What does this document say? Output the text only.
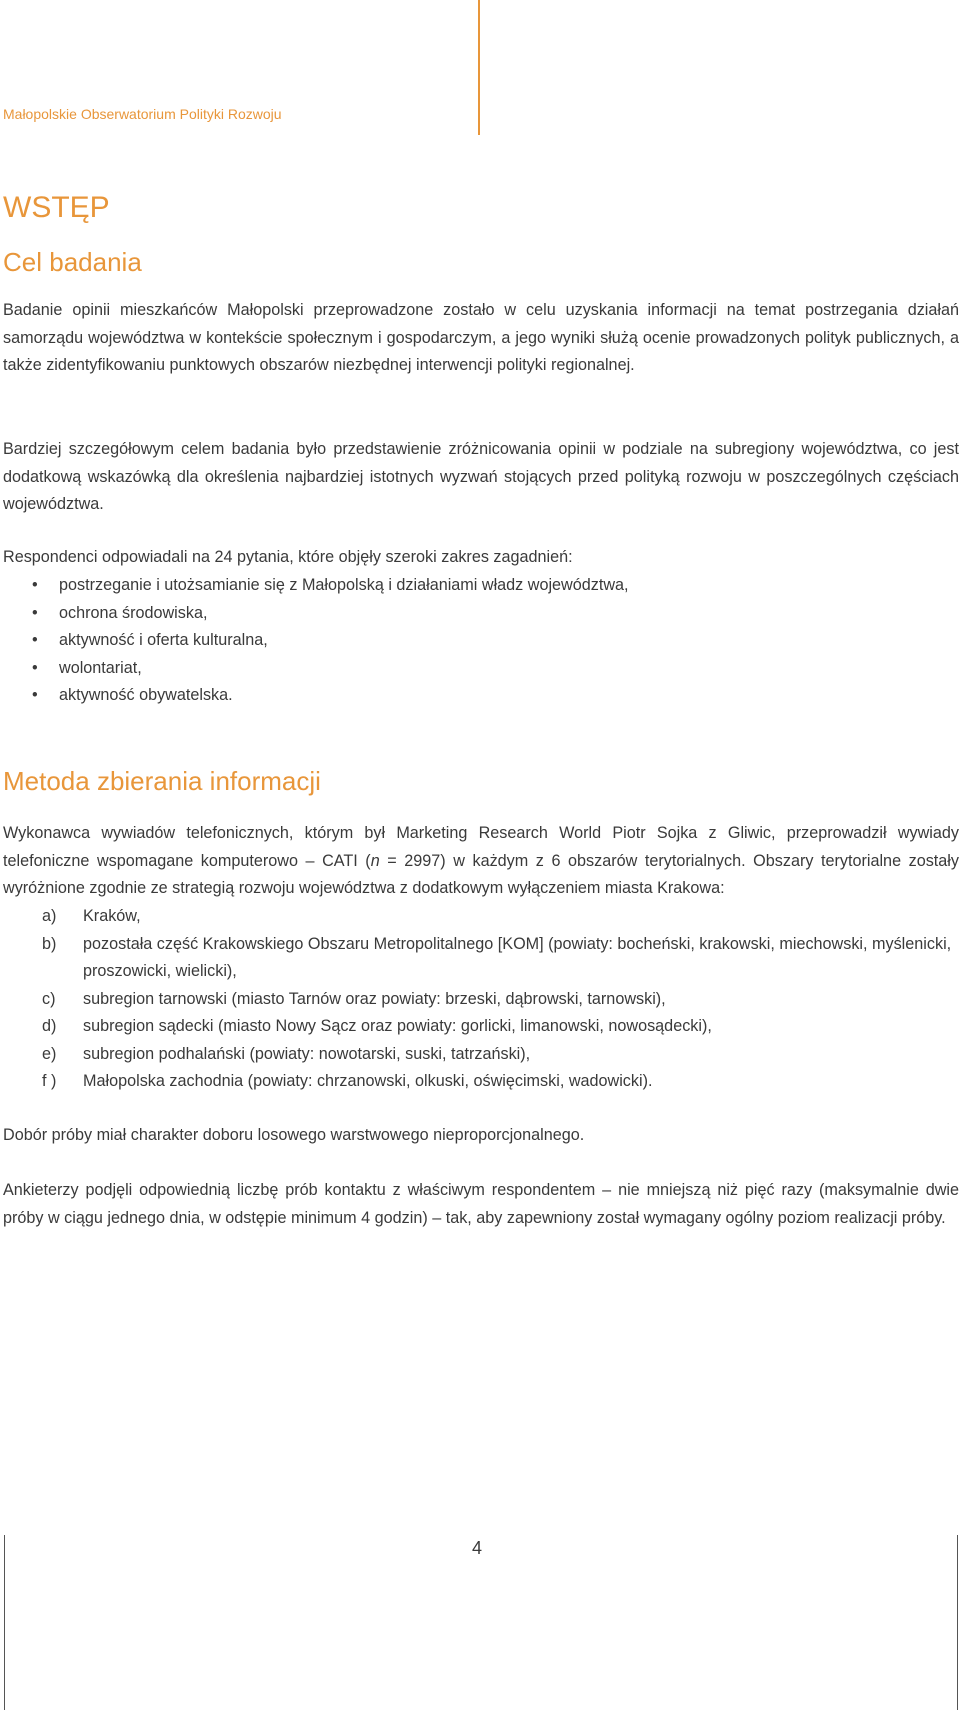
Małopolskie Obserwatorium Polityki Rozwoju
WSTĘP
Cel badania

Badanie opinii mieszkańców Małopolski przeprowadzone zostało w celu uzyskania informacji na temat postrzegania działań samorządu województwa w kontekście społecznym i gospodarczym, a jego wyniki służą ocenie prowadzonych polityk publicznych, a także zidentyfikowaniu punktowych obszarów niezbędnej interwencji polityki regionalnej.

Bardziej szczegółowym celem badania było przedstawienie zróżnicowania opinii w podziale na subregiony województwa, co jest dodatkową wskazówką dla określenia najbardziej istotnych wyzwań stojących przed polityką rozwoju w poszczególnych częściach województwa.

Respondenci odpowiadali na 24 pytania, które objęły szeroki zakres zagadnień:

• postrzeganie i utożsamianie się z Małopolską i działaniami władz województwa,
• ochrona środowiska,
• aktywność i oferta kulturalna,
• wolontariat,
• aktywność obywatelska.
Metoda zbierania informacji

Wykonawca wywiadów telefonicznych, którym był Marketing Research World Piotr Sojka z Gliwic, przeprowadził wywiady telefoniczne wspomagane komputerowo – CATI (n = 2997) w każdym z 6 obszarów terytorialnych. Obszary terytorialne zostały wyróżnione zgodnie ze strategią rozwoju województwa z dodatkowym wyłączeniem miasta Krakowa:

a) Kraków,
b) pozostała część Krakowskiego Obszaru Metropolitalnego [KOM] (powiaty: bocheński, krakowski, miechowski, myślenicki, proszowicki, wielicki),
c) subregion tarnowski (miasto Tarnów oraz powiaty: brzeski, dąbrowski, tarnowski),
d) subregion sądecki (miasto Nowy Sącz oraz powiaty: gorlicki, limanowski, nowosądecki),
e) subregion podhalański (powiaty: nowotarski, suski, tatrzański),
f ) Małopolska zachodnia (powiaty: chrzanowski, olkuski, oświęcimski, wadowicki).

Dobór próby miał charakter doboru losowego warstwowego nieproporcjonalnego.

Ankieterzy podjęli odpowiednią liczbę prób kontaktu z właściwym respondentem – nie mniejszą niż pięć razy (maksymalnie dwie próby w ciągu jednego dnia, w odstępie minimum 4 godzin) – tak, aby zapewniony został wymagany ogólny poziom realizacji próby.

4
